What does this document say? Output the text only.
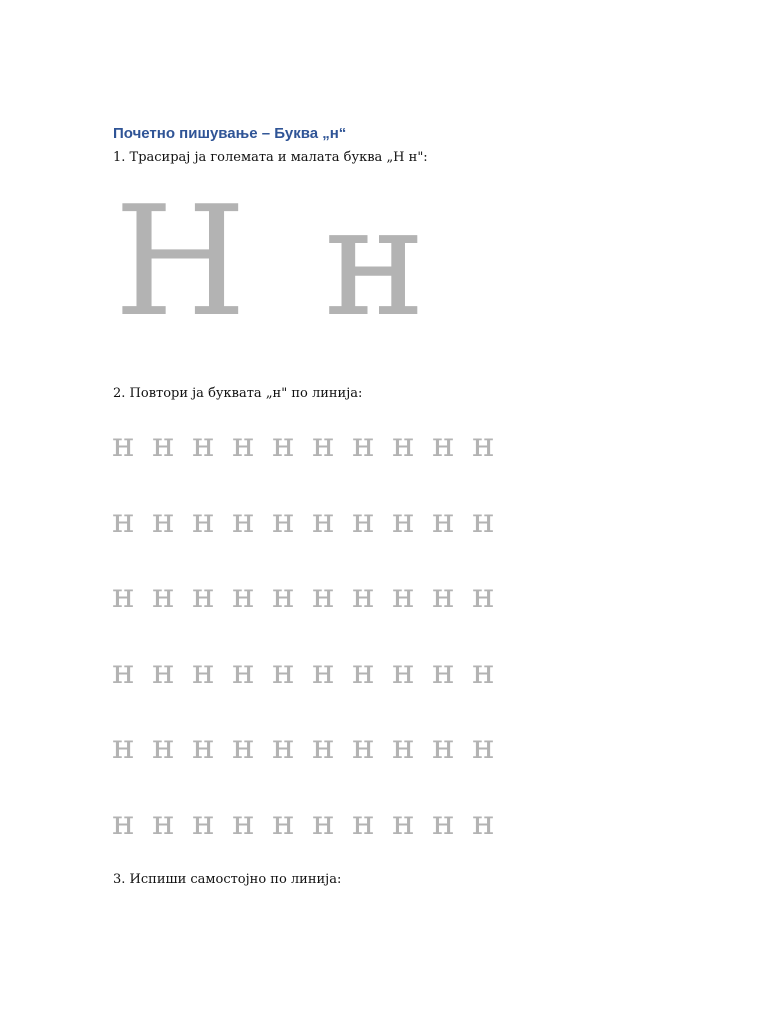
Почетно пишување – Буква „н“
1. Трасирај ја големата и малата буква „Н н":
Н н
2. Повтори ја буквата „н" по линија:
н н н н н н н н н н
н н н н н н н н н н
н н н н н н н н н н
н н н н н н н н н н
н н н н н н н н н н
н н н н н н н н н н
3. Испиши самостојно по линија:
